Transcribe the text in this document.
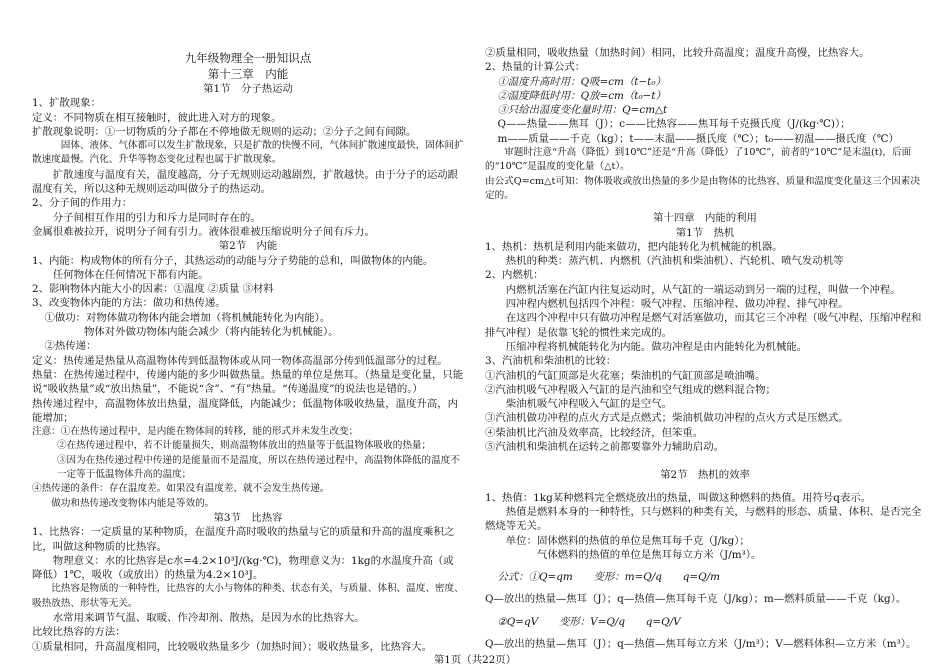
九年级物理全一册知识点

第十三章　内能

第1节　分子热运动

1、扩散现象：

定义：不同物质在相互接触时，彼此进入对方的现象。

扩散现象说明：①一切物质的分子都在不停地做无规则的运动；②分子之间有间隙。

　固体、液体、气体都可以发生扩散现象，只是扩散的快慢不同，气体间扩散速度最快，固体间扩散速度最慢。汽化、升华等物态变化过程也属于扩散现象。

扩散速度与温度有关，温度越高，分子无规则运动越剧烈，扩散越快。由于分子的运动跟温度有关，所以这种无规则运动叫做分子的热运动。

2、分子间的作用力：

分子间相互作用的引力和斥力是同时存在的。

金属很难被拉开，说明分子间有引力。液体很难被压缩说明分子间有斥力。

第2节　内能

1、内能：构成物体的所有分子，其热运动的动能与分子势能的总和，叫做物体的内能。

任何物体在任何情况下都有内能。

2、影响物体内能大小的因素：①温度 ②质量 ③材料

3、改变物体内能的方法：做功和热传递。

①做功：对物体做功物体内能会增加（将机械能转化为内能）。

物体对外做功物体内能会减少（将内能转化为机械能）。

②热传递：

定义：热传递是热量从高温物体传到低温物体或从同一物体高温部分传到低温部分的过程。

热量：在热传递过程中，传递内能的多少叫做热量。热量的单位是焦耳。（热量是变化量，只能说“吸收热量”或“放出热量”，不能说“含”、“有”热量。“传递温度”的说法也是错的。）

热传递过程中，高温物体放出热量，温度降低，内能减少；低温物体吸收热量，温度升高，内能增加；

注意：①在热传递过程中，是内能在物体间的转移，能的形式并未发生改变；

②在热传递过程中，若不计能量损失，则高温物体放出的热量等于低温物体吸收的热量；

③因为在热传递过程中传递的是能量而不是温度，所以在热传递过程中，高温物体降低的温度不一定等于低温物体升高的温度；

④热传递的条件：存在温度差。如果没有温度差，就不会发生热传递。

做功和热传递改变物体内能是等效的。

第3节　比热容

1、比热容：一定质量的某种物质，在温度升高时吸收的热量与它的质量和升高的温度乘积之比，叫做这种物质的比热容。

物理意义：水的比热容是c水=4.2×10³J/(kg·℃)，物理意义为：1kg的水温度升高（或降低）1℃，吸收（或放出）的热量为4.2×10³J。

比热容是物质的一种特性，比热容的大小与物体的种类、状态有关，与质量、体积、温度、密度、吸热放热、形状等无关。

水常用来调节气温、取暖、作冷却剂、散热，是因为水的比热容大。

比较比热容的方法：

①质量相同，升高温度相同，比较吸收热量多少（加热时间）；吸收热量多，比热容大。

②质量相同，吸收热量（加热时间）相同，比较升高温度；温度升高慢，比热容大。

2、热量的计算公式：

①温度升高时用：Q吸=cm（t−t₀）

②温度降低时用：Q放=cm（t₀−t）

③只给出温度变化量时用：Q=cm△t

Q——热量——焦耳（J）；c——比热容——焦耳每千克摄氏度（J/(kg·℃)）；

m——质量——千克（kg）；t——末温——摄氏度（℃）；t₀——初温——摄氏度（℃）

审题时注意“升高（降低）到10℃”还是“升高（降低）了10℃”，前者的“10℃”是末温(t)，后面的“10℃”是温度的变化量（△t）。

由公式Q=cm△t可知：物体吸收或放出热量的多少是由物体的比热容、质量和温度变化量这三个因素决定的。

第十四章　内能的利用

第1节　热机

1、热机：热机是利用内能来做功，把内能转化为机械能的机器。

热机的种类：蒸汽机、内燃机（汽油机和柴油机）、汽轮机、喷气发动机等

2、内燃机：

内燃机活塞在汽缸内往复运动时，从气缸的一端运动到另一端的过程，叫做一个冲程。

四冲程内燃机包括四个冲程：吸气冲程、压缩冲程、做功冲程、排气冲程。

在这四个冲程中只有做功冲程是燃气对活塞做功，而其它三个冲程（吸气冲程、压缩冲程和排气冲程）是依靠飞轮的惯性来完成的。

压缩冲程将机械能转化为内能。做功冲程是由内能转化为机械能。

3、汽油机和柴油机的比较：

①汽油机的气缸顶部是火花塞；柴油机的气缸顶部是喷油嘴。

②汽油机吸气冲程吸入气缸的是汽油和空气组成的燃料混合物；

柴油机吸气冲程吸入气缸的是空气。

③汽油机做功冲程的点火方式是点燃式；柴油机做功冲程的点火方式是压燃式。

④柴油机比汽油及效率高，比较经济，但笨重。

⑤汽油机和柴油机在运转之前都要靠外力辅助启动。

第2节　热机的效率

1、热值：1kg某种燃料完全燃烧放出的热量，叫做这种燃料的热值。用符号q表示。

热值是燃料本身的一种特性，只与燃料的种类有关，与燃料的形态、质量、体积、是否完全燃烧等无关。

单位：固体燃料的热值的单位是焦耳每千克（J/kg）；

气体燃料的热值的单位是焦耳每立方米（J/m³）。

公式：①Q=qm　　变形：m=Q/q　　q=Q/m

Q—放出的热量—焦耳（J）；q—热值—焦耳每千克（J/kg）；m—燃料质量——千克（kg）。

②Q=qV　　变形：V=Q/q　　q=Q/V

Q—放出的热量—焦耳（J）；q—热值—焦耳每立方米（J/m³）；V—燃料体积—立方米（m³）。

第1页（共22页）
